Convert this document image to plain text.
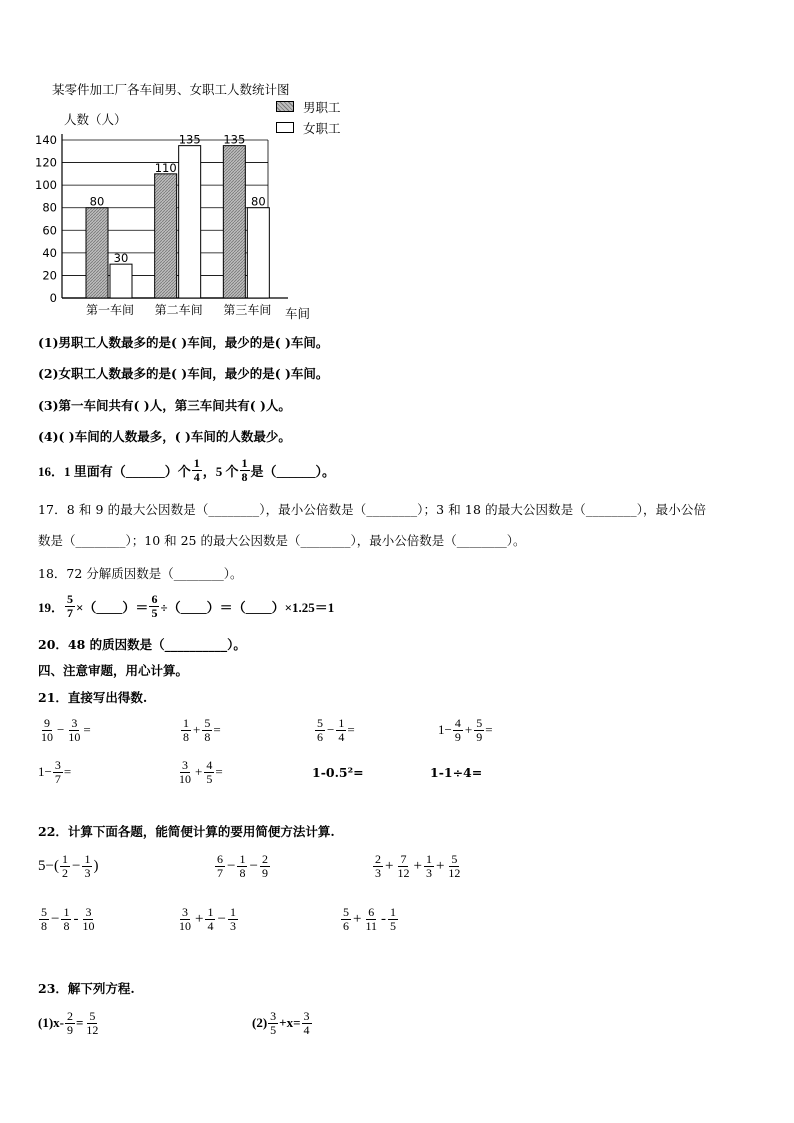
0
20
40
60
80
100
120
140
80
30
第一车间
110
135
第二车间
135
80
第三车间
某零件加工厂各车间男、女职工人数统计图
人数（人）
车间
男职工
女职工
(1)男职工人数最多的是( )车间，最少的是( )车间。
(2)女职工人数最多的是( )车间，最少的是( )车间。
(3)第一车间共有( )人，第三车间共有( )人。
(4)( )车间的人数最多，( )车间的人数最少。
16．1 里面有（______）个 $\frac{1}{4}$ ，5 个 $\frac{1}{8}$ 是（______）。
17．8 和 9 的最大公因数是（________），最小公倍数是（________）；3 和 18 的最大公因数是（________），最小公倍
数是（________）；10 和 25 的最大公因数是（________），最小公倍数是（________）。
18．72 分解质因数是（________）。
19． $\frac{5}{7}$ ×（____）＝ $\frac{6}{5}$ ÷（____）＝（____）×1.25＝1
20．48 的质因数是（__________）。
四、注意审题，用心计算。
21．直接写出得数.
$\frac{9}{10} - \frac{3}{10}$ =	$\frac{1}{8} + \frac{5}{8}$ =	$\frac{5}{6} - \frac{1}{4}$ =	$1- \frac{4}{9} + \frac{5}{9}$ =
$1- \frac{3}{7}$ =	$\frac{3}{10} + \frac{4}{5}$ =	1-0.5²=	1-1÷4=
22．计算下面各题，能简便计算的要用简便方法计算.
$5-( \frac{1}{2} - \frac{1}{3}$ )	$\frac{6}{7} - \frac{1}{8} - \frac{2}{9}$	$\frac{2}{3} + \frac{7}{12} + \frac{1}{3} + \frac{5}{12}$
$\frac{5}{8} - \frac{1}{8} - \frac{3}{10}$	$\frac{3}{10} + \frac{1}{4} - \frac{1}{3}$	$\frac{5}{6} + \frac{6}{11} - \frac{1}{5}$
23．解下列方程.
$(1)x- \frac{2}{9} = \frac{5}{12}$	$(2) \frac{3}{5} +x= \frac{3}{4}$
